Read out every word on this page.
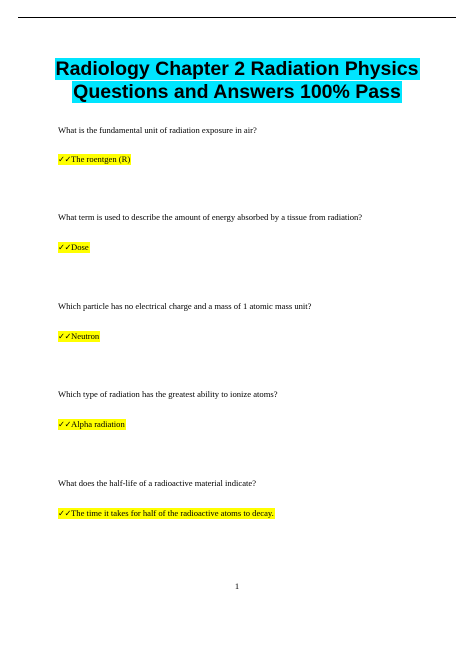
Radiology Chapter 2 Radiation Physics
Questions and Answers 100% Pass
What is the fundamental unit of radiation exposure in air?
✓✓The roentgen (R)
What term is used to describe the amount of energy absorbed by a tissue from radiation?
✓✓Dose
Which particle has no electrical charge and a mass of 1 atomic mass unit?
✓✓Neutron
Which type of radiation has the greatest ability to ionize atoms?
✓✓Alpha radiation
What does the half-life of a radioactive material indicate?
✓✓The time it takes for half of the radioactive atoms to decay.
1
